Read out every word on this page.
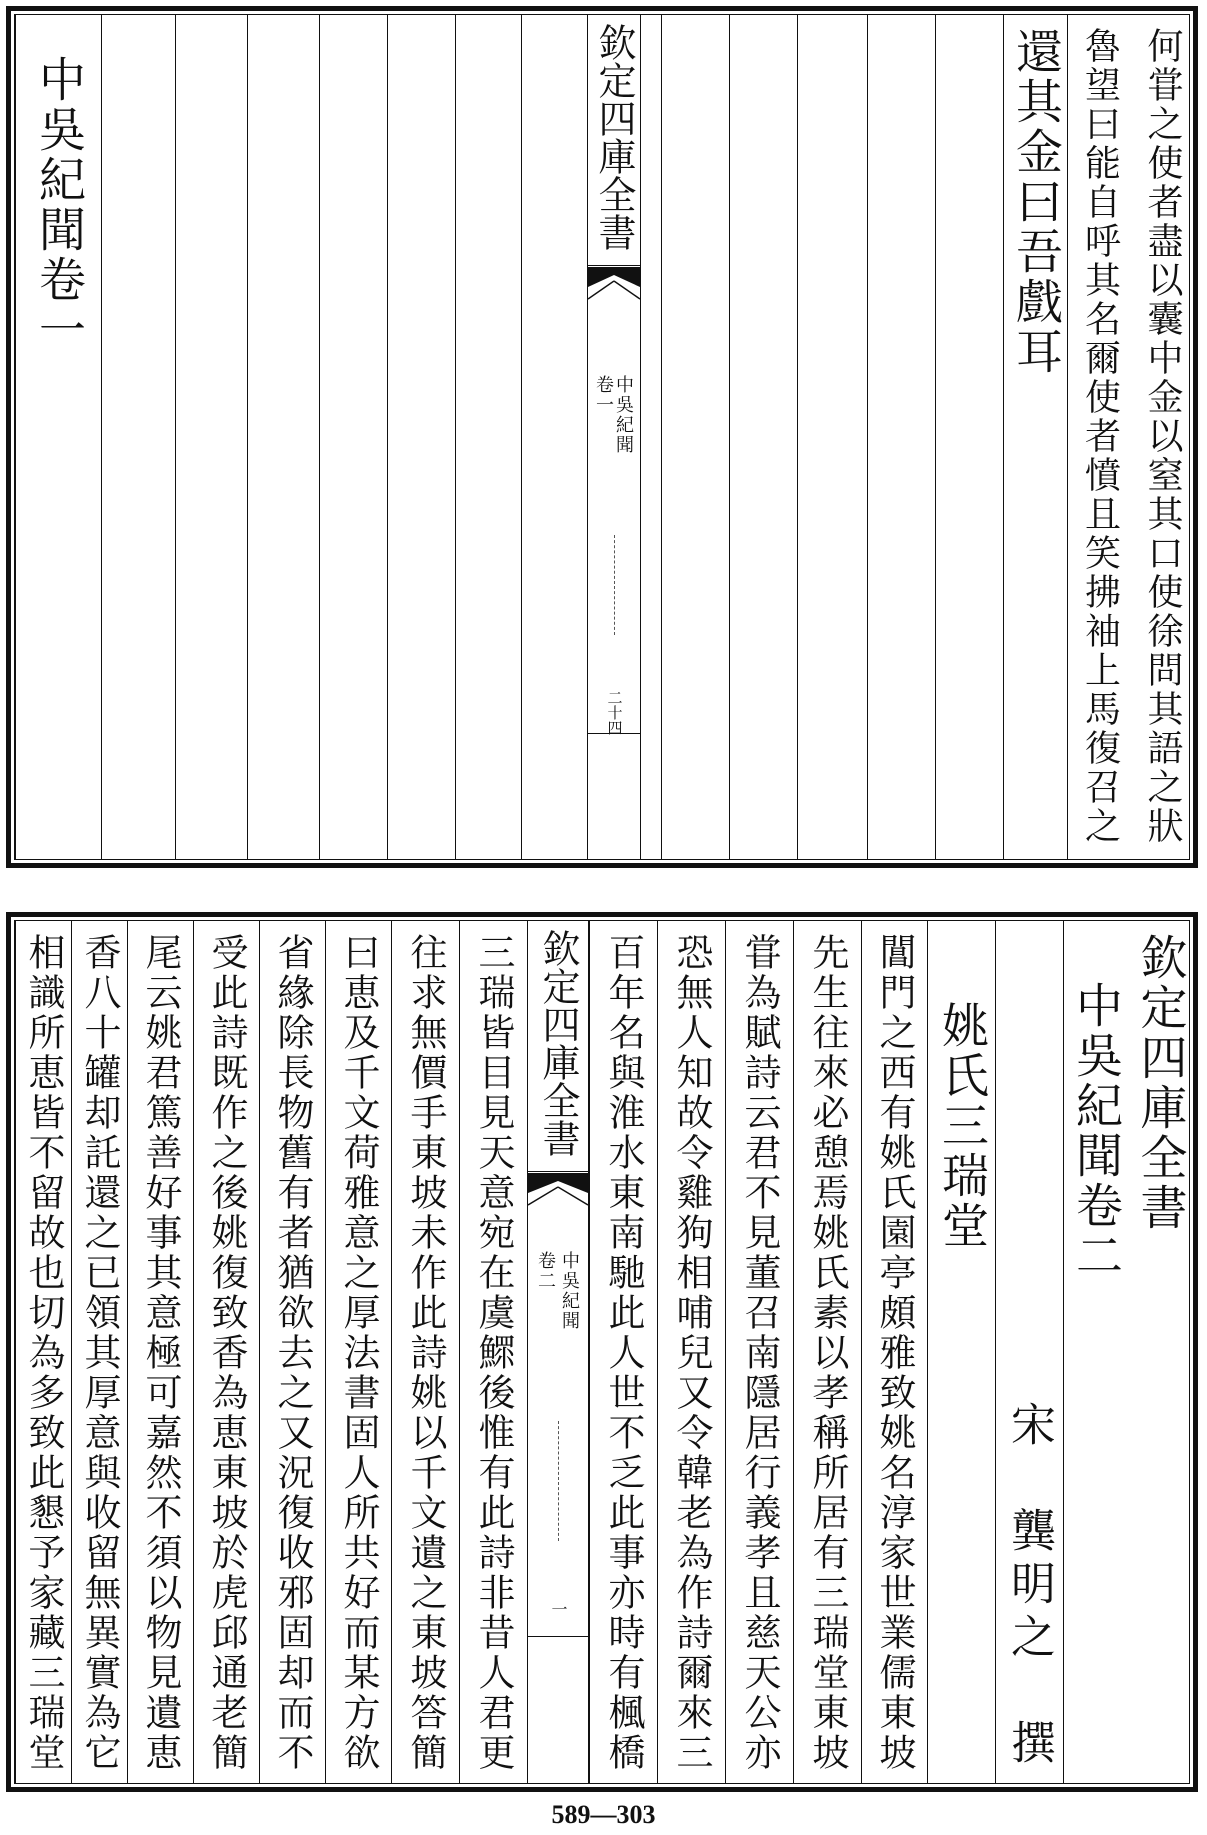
何甞之使者盡以囊中金以窒其口使徐問其語之狀
魯望曰能自呼其名爾使者憤且笑拂袖上馬復召之
還其金曰吾戲耳
欽定四庫全書
中吳紀聞
卷一
二十四
中吳紀聞卷一
欽定四庫全書
中吳紀聞卷二
宋　龔明之　撰
姚氏三瑞堂
閶門之西有姚氏園亭頗雅致姚名淳家世業儒東坡
先生往來必憩焉姚氏素以孝稱所居有三瑞堂東坡
甞為賦詩云君不見董召南隱居行義孝且慈天公亦
恐無人知故令雞狗相哺兒又令韓老為作詩爾來三
百年名與淮水東南馳此人世不乏此事亦時有楓橋
欽定四庫全書
中吳紀聞
卷二
一
三瑞皆目見天意宛在虞鰥後惟有此詩非昔人君更
往求無價手東坡未作此詩姚以千文遺之東坡答簡
曰恵及千文荷雅意之厚法書固人所共好而某方欲
省緣除長物舊有者猶欲去之又況復收邪固却而不
受此詩既作之後姚復致香為恵東坡於虎邱通老簡
尾云姚君篤善好事其意極可嘉然不須以物見遺恵
香八十罐却託還之已領其厚意與收留無異實為它
相識所恵皆不留故也切為多致此懇予家藏三瑞堂
589—303
